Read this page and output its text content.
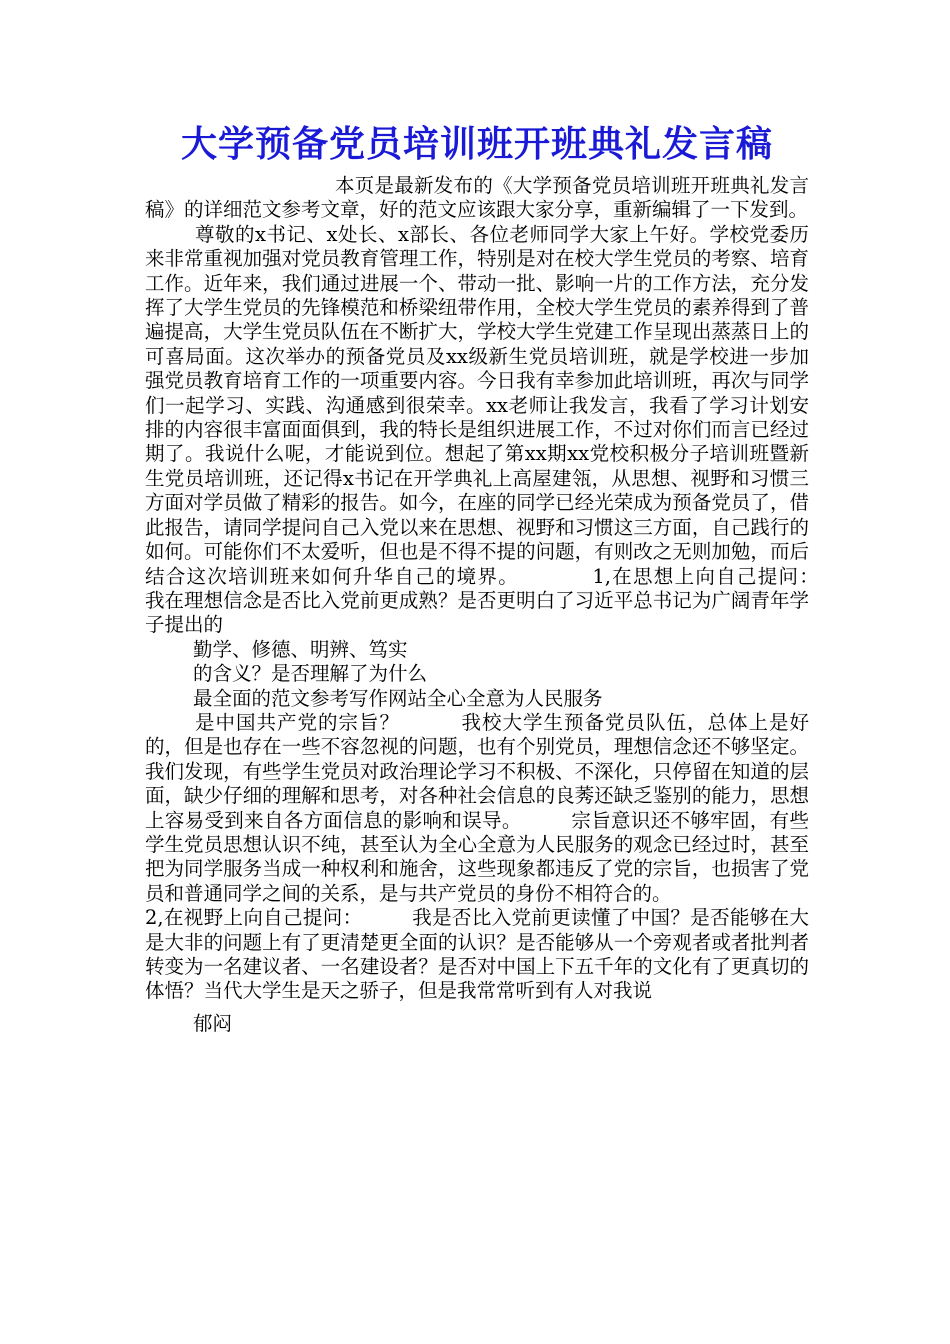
大学预备党员培训班开班典礼发言稿

本页是最新发布的《大学预备党员培训班开班典礼发言稿》的详细范文参考文章，好的范文应该跟大家分享，重新编辑了一下发到。

尊敬的x书记、x处长、x部长、各位老师同学大家上午好。学校党委历来非常重视加强对党员教育管理工作，特别是对在校大学生党员的考察、培育工作。近年来，我们通过进展一个、带动一批、影响一片的工作方法，充分发挥了大学生党员的先锋模范和桥梁纽带作用，全校大学生党员的素养得到了普遍提高，大学生党员队伍在不断扩大，学校大学生党建工作呈现出蒸蒸日上的可喜局面。这次举办的预备党员及xx级新生党员培训班，就是学校进一步加强党员教育培育工作的一项重要内容。今日我有幸参加此培训班，再次与同学们一起学习、实践、沟通感到很荣幸。xx老师让我发言，我看了学习计划安排的内容很丰富面面俱到，我的特长是组织进展工作，不过对你们而言已经过期了。我说什么呢，才能说到位。想起了第xx期xx党校积极分子培训班暨新生党员培训班，还记得x书记在开学典礼上高屋建瓴，从思想、视野和习惯三方面对学员做了精彩的报告。如今，在座的同学已经光荣成为预备党员了，借此报告，请同学提问自己入党以来在思想、视野和习惯这三方面，自己践行的如何。可能你们不太爱听，但也是不得不提的问题，有则改之无则加勉，而后结合这次培训班来如何升华自己的境界。　　　　1,在思想上向自己提问：　　　我在理想信念是否比入党前更成熟？是否更明白了习近平总书记为广阔青年学子提出的

勤学、修德、明辨、笃实

的含义？是否理解了为什么

最全面的范文参考写作网站全心全意为人民服务

是中国共产党的宗旨？　　　我校大学生预备党员队伍，总体上是好的，但是也存在一些不容忽视的问题，也有个别党员，理想信念还不够坚定。我们发现，有些学生党员对政治理论学习不积极、不深化，只停留在知道的层面，缺少仔细的理解和思考，对各种社会信息的良莠还缺乏鉴别的能力，思想上容易受到来自各方面信息的影响和误导。　　　宗旨意识还不够牢固，有些学生党员思想认识不纯，甚至认为全心全意为人民服务的观念已经过时，甚至把为同学服务当成一种权利和施舍，这些现象都违反了党的宗旨，也损害了党员和普通同学之间的关系，是与共产党员的身份不相符合的。

2,在视野上向自己提问：　　　我是否比入党前更读懂了中国？是否能够在大是大非的问题上有了更清楚更全面的认识？是否能够从一个旁观者或者批判者转变为一名建议者、一名建设者？是否对中国上下五千年的文化有了更真切的体悟？当代大学生是天之骄子，但是我常常听到有人对我说

郁闷
